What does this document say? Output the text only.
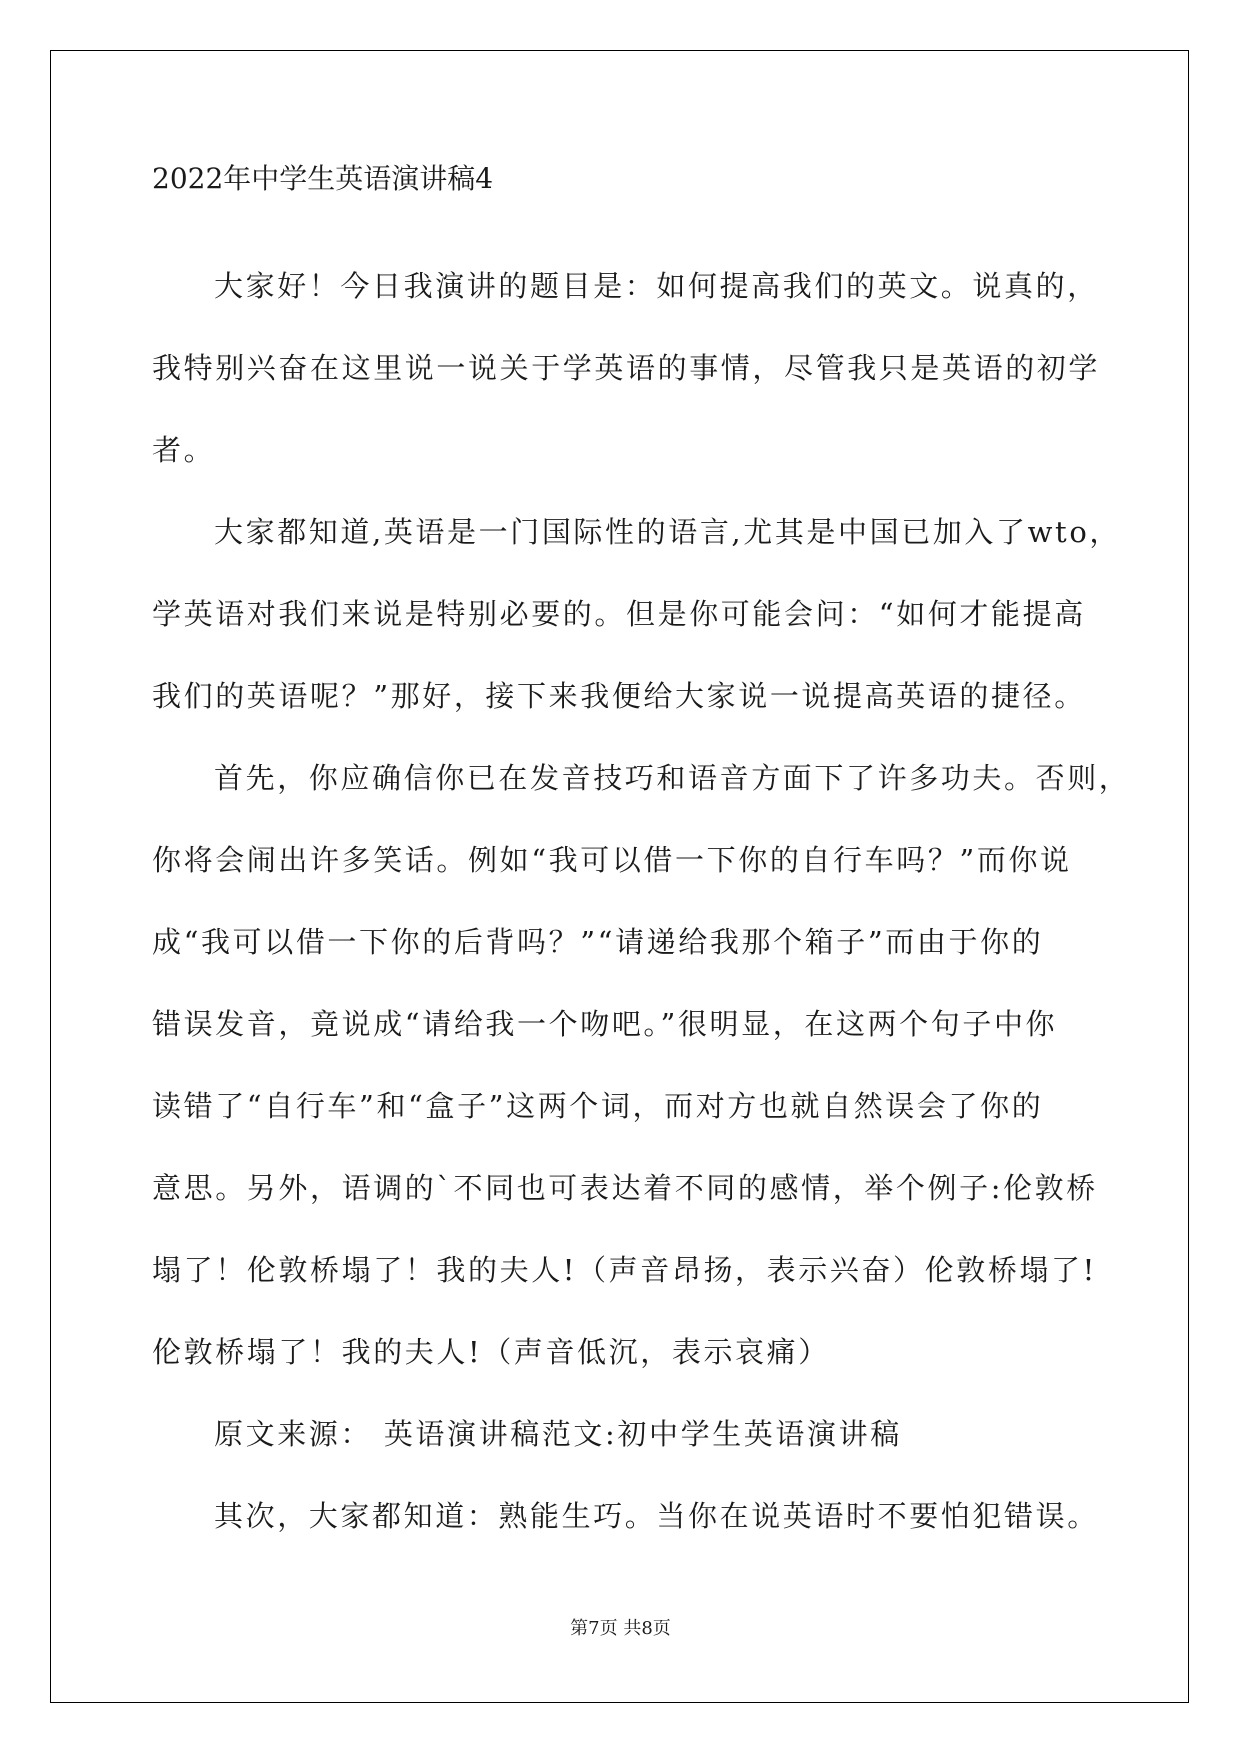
2022年中学生英语演讲稿4
大家好！今日我演讲的题目是：如何提高我们的英文。说真的，
我特别兴奋在这里说一说关于学英语的事情，尽管我只是英语的初学
者。
大家都知道,英语是一门国际性的语言,尤其是中国已加入了wto，
学英语对我们来说是特别必要的。但是你可能会问：“如何才能提高
我们的英语呢？”那好，接下来我便给大家说一说提高英语的捷径。
首先，你应确信你已在发音技巧和语音方面下了许多功夫。否则，
你将会闹出许多笑话。例如“我可以借一下你的自行车吗？”而你说
成“我可以借一下你的后背吗？”“请递给我那个箱子”而由于你的
错误发音，竟说成“请给我一个吻吧。”很明显，在这两个句子中你
读错了“自行车”和“盒子”这两个词，而对方也就自然误会了你的
意思。另外，语调的`不同也可表达着不同的感情，举个例子:伦敦桥
塌了！伦敦桥塌了！我的夫人!（声音昂扬，表示兴奋）伦敦桥塌了!
伦敦桥塌了！我的夫人!（声音低沉，表示哀痛）
原文来源： 英语演讲稿范文:初中学生英语演讲稿
其次，大家都知道：熟能生巧。当你在说英语时不要怕犯错误。
第7页 共8页
